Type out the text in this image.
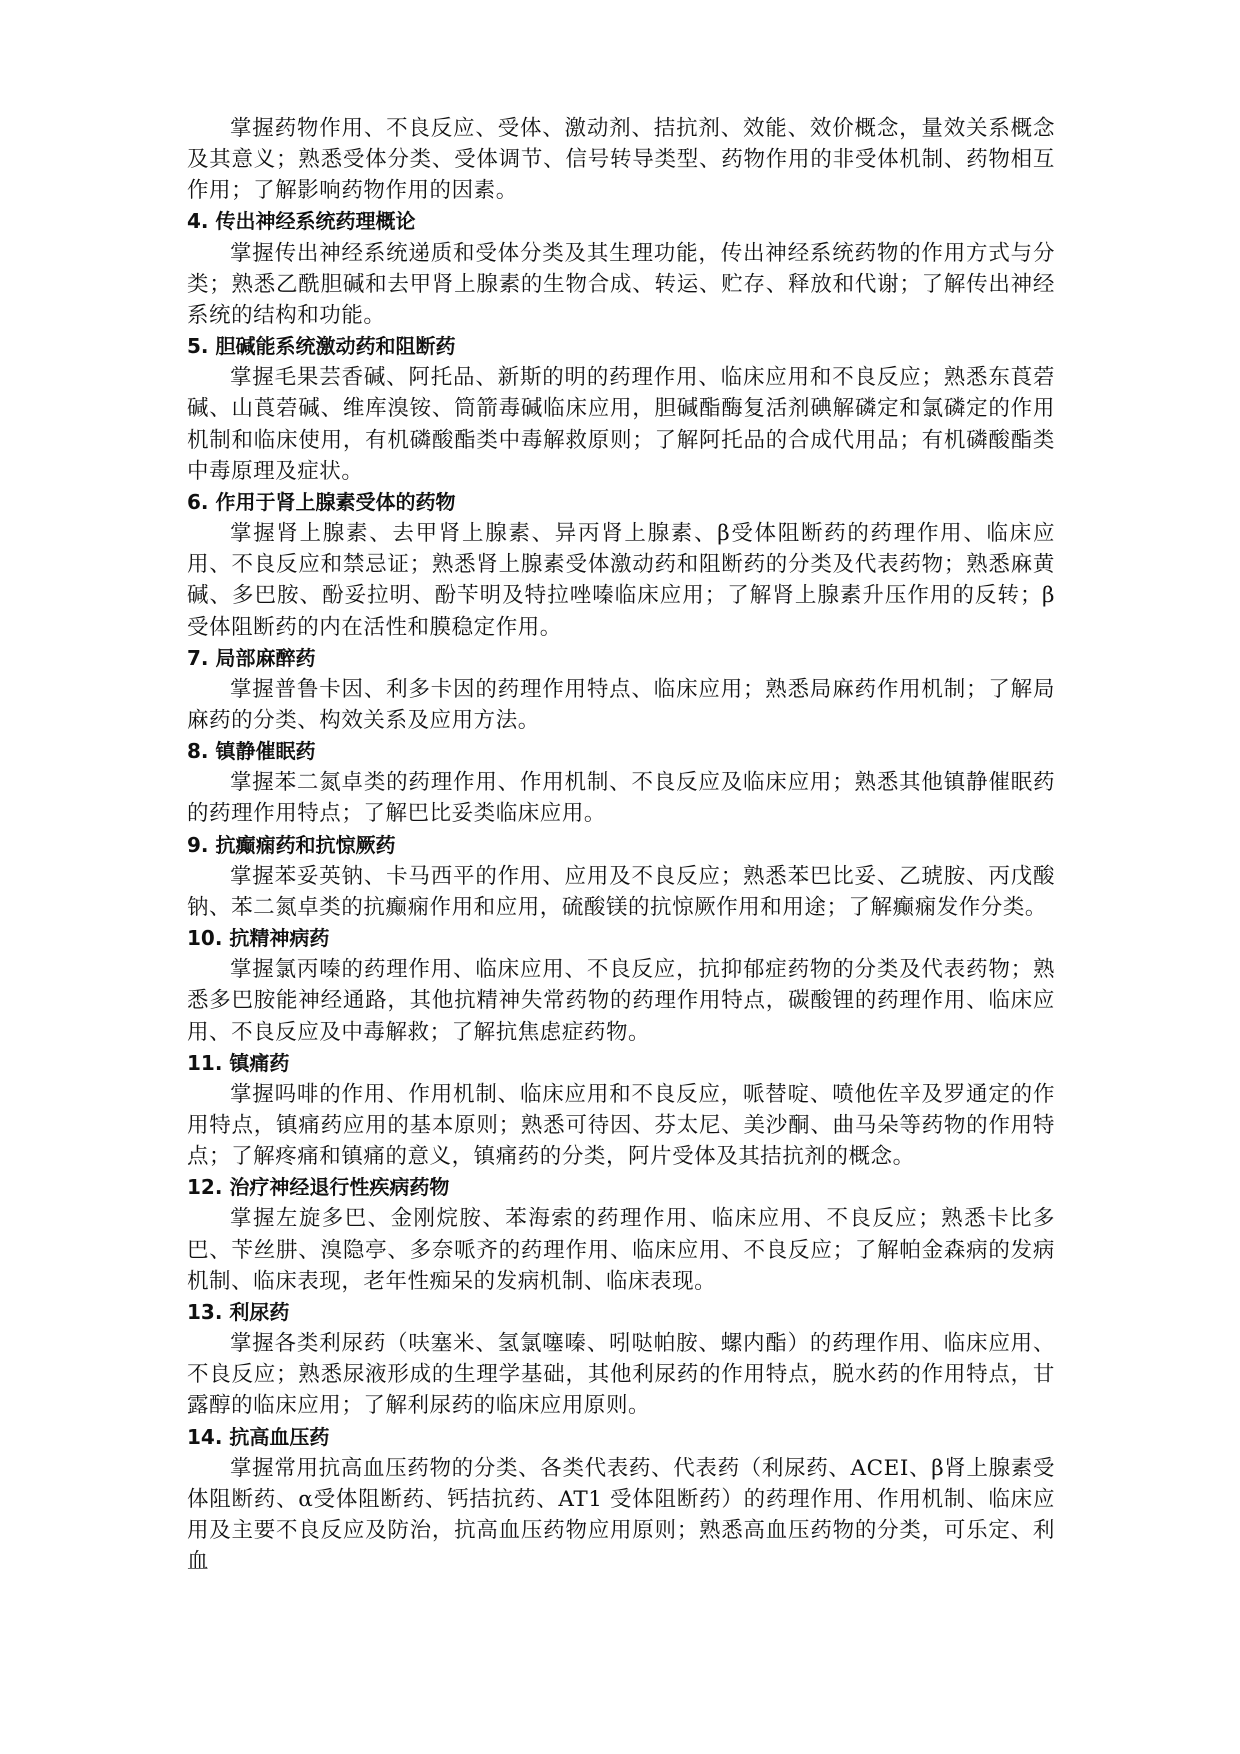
掌握药物作用、不良反应、受体、激动剂、拮抗剂、效能、效价概念，量效关系概念及其意义；熟悉受体分类、受体调节、信号转导类型、药物作用的非受体机制、药物相互作用；了解影响药物作用的因素。

4. 传出神经系统药理概论

掌握传出神经系统递质和受体分类及其生理功能，传出神经系统药物的作用方式与分类；熟悉乙酰胆碱和去甲肾上腺素的生物合成、转运、贮存、释放和代谢；了解传出神经系统的结构和功能。

5. 胆碱能系统激动药和阻断药

掌握毛果芸香碱、阿托品、新斯的明的药理作用、临床应用和不良反应；熟悉东莨菪碱、山莨菪碱、维库溴铵、筒箭毒碱临床应用，胆碱酯酶复活剂碘解磷定和氯磷定的作用机制和临床使用，有机磷酸酯类中毒解救原则；了解阿托品的合成代用品；有机磷酸酯类中毒原理及症状。

6. 作用于肾上腺素受体的药物

掌握肾上腺素、去甲肾上腺素、异丙肾上腺素、β受体阻断药的药理作用、临床应用、不良反应和禁忌证；熟悉肾上腺素受体激动药和阻断药的分类及代表药物；熟悉麻黄碱、多巴胺、酚妥拉明、酚苄明及特拉唑嗪临床应用；了解肾上腺素升压作用的反转；β受体阻断药的内在活性和膜稳定作用。

7. 局部麻醉药

掌握普鲁卡因、利多卡因的药理作用特点、临床应用；熟悉局麻药作用机制；了解局麻药的分类、构效关系及应用方法。

8. 镇静催眠药

掌握苯二氮卓类的药理作用、作用机制、不良反应及临床应用；熟悉其他镇静催眠药的药理作用特点；了解巴比妥类临床应用。

9. 抗癫痫药和抗惊厥药

掌握苯妥英钠、卡马西平的作用、应用及不良反应；熟悉苯巴比妥、乙琥胺、丙戊酸钠、苯二氮卓类的抗癫痫作用和应用，硫酸镁的抗惊厥作用和用途；了解癫痫发作分类。

10. 抗精神病药

掌握氯丙嗪的药理作用、临床应用、不良反应，抗抑郁症药物的分类及代表药物；熟悉多巴胺能神经通路，其他抗精神失常药物的药理作用特点，碳酸锂的药理作用、临床应用、不良反应及中毒解救；了解抗焦虑症药物。

11. 镇痛药

掌握吗啡的作用、作用机制、临床应用和不良反应，哌替啶、喷他佐辛及罗通定的作用特点，镇痛药应用的基本原则；熟悉可待因、芬太尼、美沙酮、曲马朵等药物的作用特点；了解疼痛和镇痛的意义，镇痛药的分类，阿片受体及其拮抗剂的概念。

12. 治疗神经退行性疾病药物

掌握左旋多巴、金刚烷胺、苯海索的药理作用、临床应用、不良反应；熟悉卡比多巴、苄丝肼、溴隐亭、多奈哌齐的药理作用、临床应用、不良反应；了解帕金森病的发病机制、临床表现，老年性痴呆的发病机制、临床表现。

13. 利尿药

掌握各类利尿药（呋塞米、氢氯噻嗪、吲哒帕胺、螺内酯）的药理作用、临床应用、不良反应；熟悉尿液形成的生理学基础，其他利尿药的作用特点，脱水药的作用特点，甘露醇的临床应用；了解利尿药的临床应用原则。

14. 抗高血压药

掌握常用抗高血压药物的分类、各类代表药、代表药（利尿药、ACEI、β肾上腺素受体阻断药、α受体阻断药、钙拮抗药、AT1 受体阻断药）的药理作用、作用机制、临床应用及主要不良反应及防治，抗高血压药物应用原则；熟悉高血压药物的分类，可乐定、利血
